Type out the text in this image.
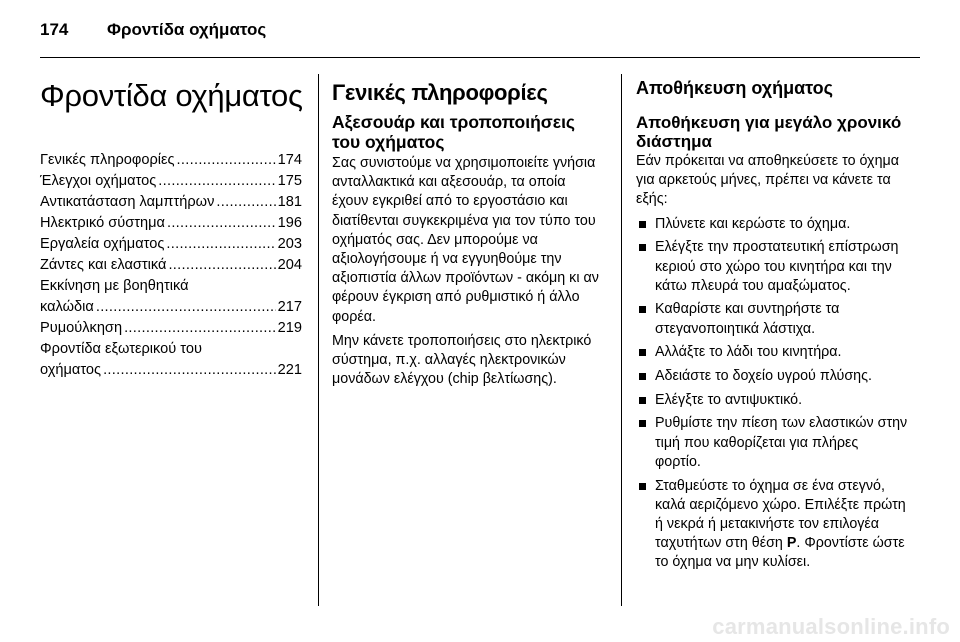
174 Φροντίδα οχήματος
Φροντίδα οχήματος
Γενικές πληροφορίες .....	174
Έλεγχοι οχήματος .....	175
Αντικατάσταση λαμπτήρων .....	181
Ηλεκτρικό σύστημα .....	196
Εργαλεία οχήματος .....	203
Ζάντες και ελαστικά .....	204
Εκκίνηση με βοηθητικά
καλώδια .....	217
Ρυμούλκηση .....	219
Φροντίδα εξωτερικού του
οχήματος .....	221
Γενικές πληροφορίες
Αξεσουάρ και τροποποιήσεις του οχήματος

Σας συνιστούμε να χρησιμοποιείτε γνήσια ανταλλακτικά και αξεσουάρ, τα οποία έχουν εγκριθεί από το εργοστάσιο και διατίθενται συγκεκριμένα για τον τύπο του οχήματός σας. Δεν μπορούμε να αξιολογήσουμε ή να εγγυηθούμε την αξιοπιστία άλλων προϊόντων - ακόμη κι αν φέρουν έγκριση από ρυθμιστικό ή άλλο φορέα.

Μην κάνετε τροποποιήσεις στο ηλεκτρικό σύστημα, π.χ. αλλαγές ηλεκτρονικών μονάδων ελέγχου (chip βελτίωσης).

Αποθήκευση οχήματος
Αποθήκευση για μεγάλο χρονικό διάστημα

Εάν πρόκειται να αποθηκεύσετε το όχημα για αρκετούς μήνες, πρέπει να κάνετε τα εξής:

Πλύνετε και κερώστε το όχημα.
Ελέγξτε την προστατευτική επίστρωση κεριού στο χώρο του κινητήρα και την κάτω πλευρά του αμαξώματος.
Καθαρίστε και συντηρήστε τα στεγανοποιητικά λάστιχα.
Αλλάξτε το λάδι του κινητήρα.
Αδειάστε το δοχείο υγρού πλύσης.
Ελέγξτε το αντιψυκτικό.
Ρυθμίστε την πίεση των ελαστικών στην τιμή που καθορίζεται για πλήρες φορτίο.
Σταθμεύστε το όχημα σε ένα στεγνό, καλά αεριζόμενο χώρο. Επιλέξτε πρώτη ή νεκρά ή μετακινήστε τον επιλογέα ταχυτήτων στη θέση P. Φροντίστε ώστε το όχημα να μην κυλίσει.
carmanualsonline.info
